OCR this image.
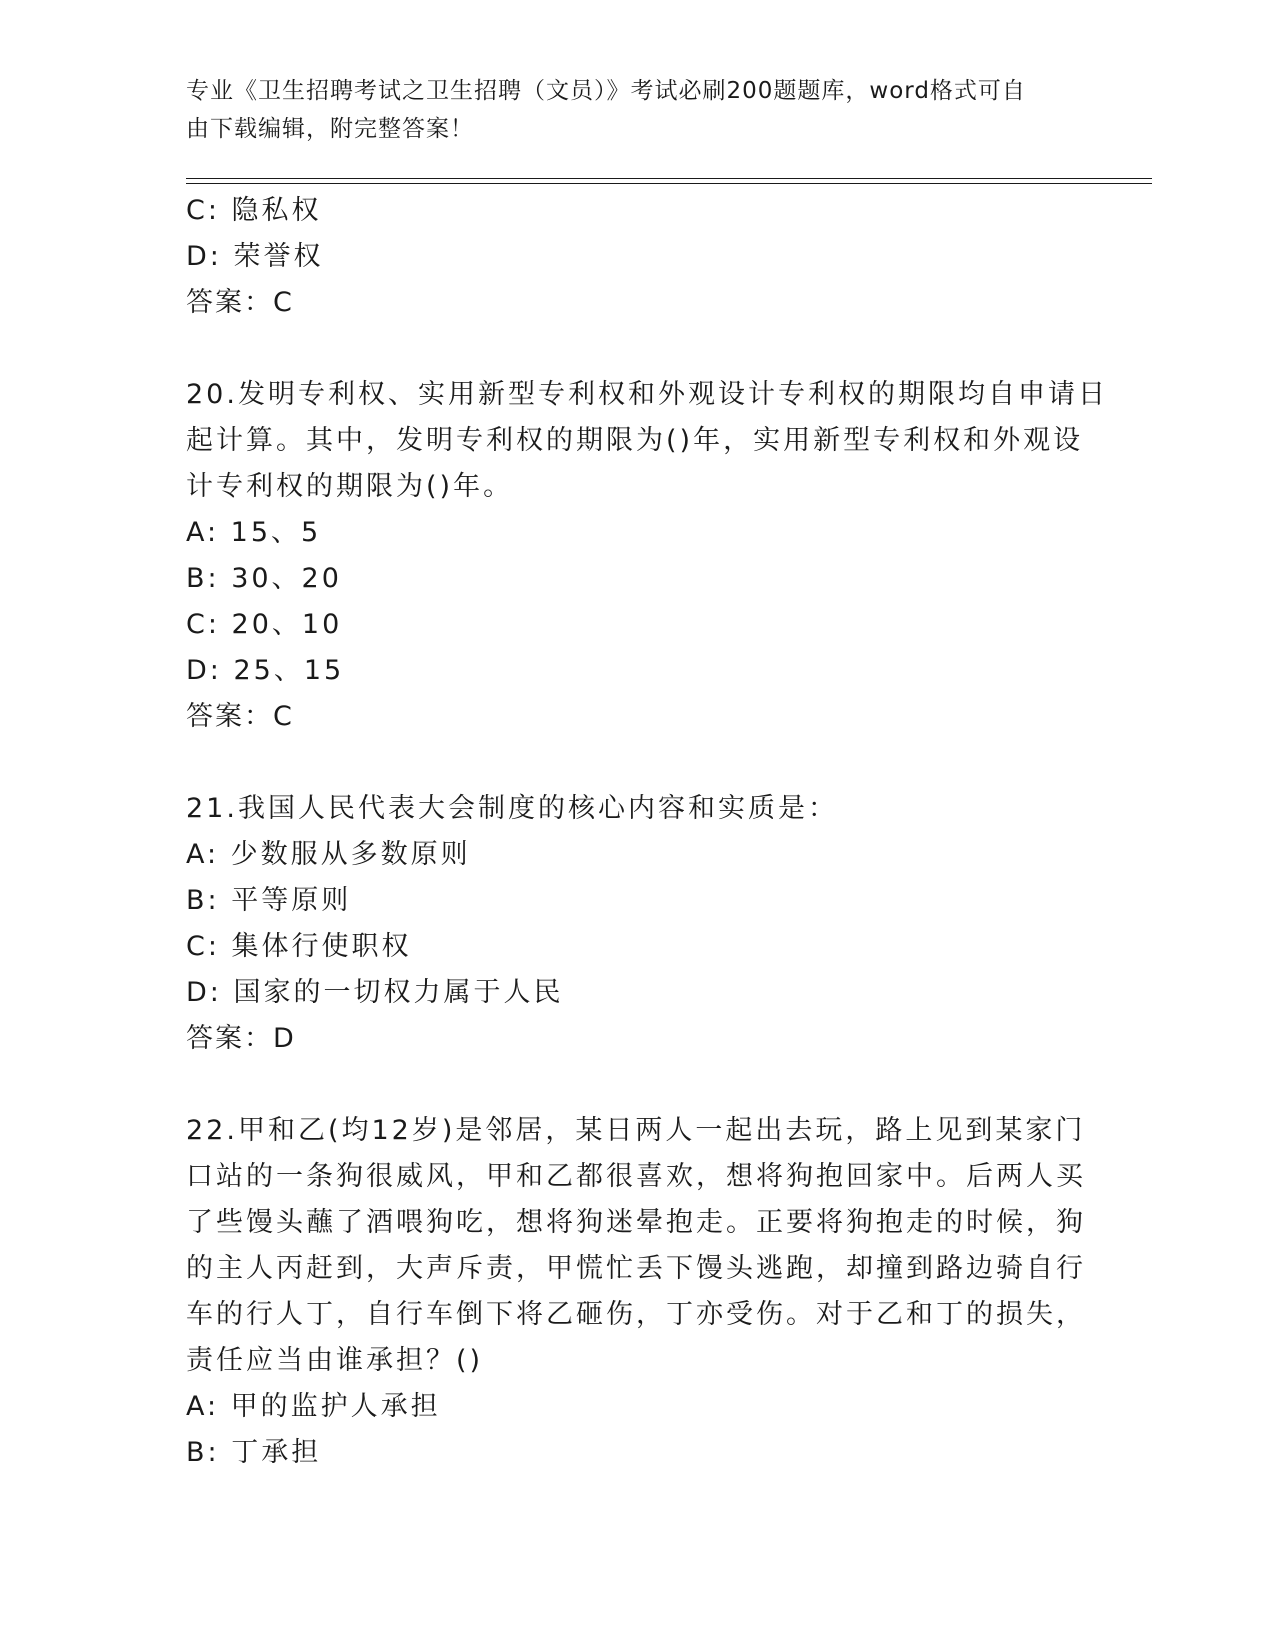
专业《卫生招聘考试之卫生招聘（文员）》考试必刷200题题库，word格式可自
由下载编辑，附完整答案！
C: 隐私权
D: 荣誉权
答案：C
20.发明专利权、实用新型专利权和外观设计专利权的期限均自申请日
起计算。其中，发明专利权的期限为()年，实用新型专利权和外观设
计专利权的期限为()年。
A: 15、5
B: 30、20
C: 20、10
D: 25、15
答案：C
21.我国人民代表大会制度的核心内容和实质是：
A: 少数服从多数原则
B: 平等原则
C: 集体行使职权
D: 国家的一切权力属于人民
答案：D
22.甲和乙(均12岁)是邻居，某日两人一起出去玩，路上见到某家门
口站的一条狗很威风，甲和乙都很喜欢，想将狗抱回家中。后两人买
了些馒头蘸了酒喂狗吃，想将狗迷晕抱走。正要将狗抱走的时候，狗
的主人丙赶到，大声斥责，甲慌忙丢下馒头逃跑，却撞到路边骑自行
车的行人丁，自行车倒下将乙砸伤，丁亦受伤。对于乙和丁的损失，
责任应当由谁承担？()
A: 甲的监护人承担
B: 丁承担
